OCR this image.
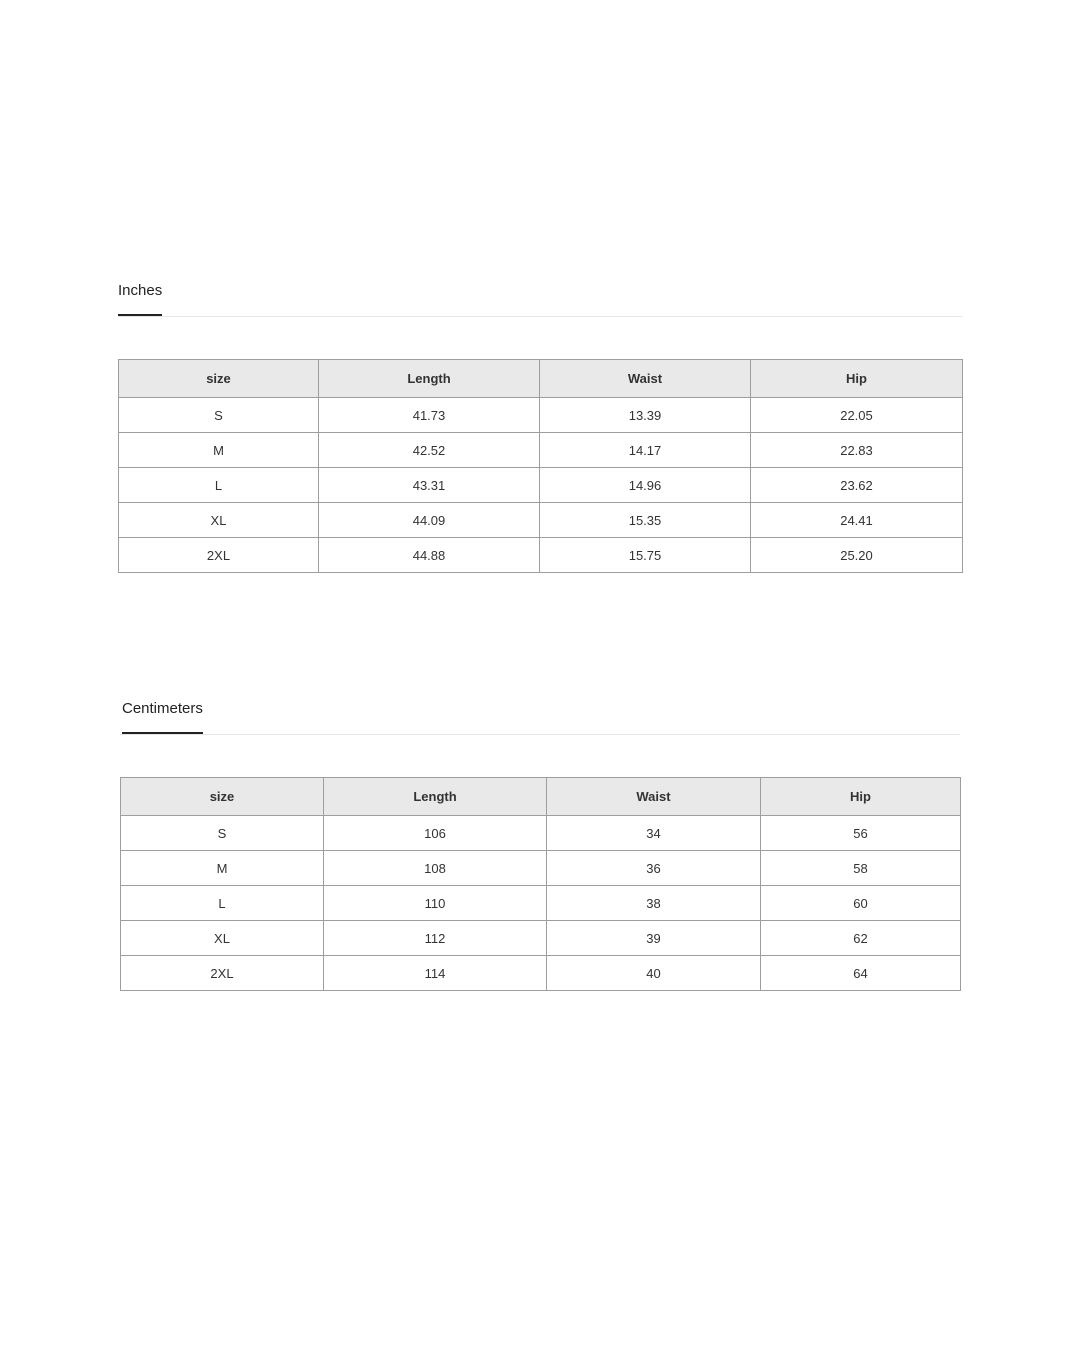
Inches
size	Length	Waist	Hip
S	41.73	13.39	22.05
M	42.52	14.17	22.83
L	43.31	14.96	23.62
XL	44.09	15.35	24.41
2XL	44.88	15.75	25.20
Centimeters
size	Length	Waist	Hip
S	106	34	56
M	108	36	58
L	110	38	60
XL	112	39	62
2XL	114	40	64
